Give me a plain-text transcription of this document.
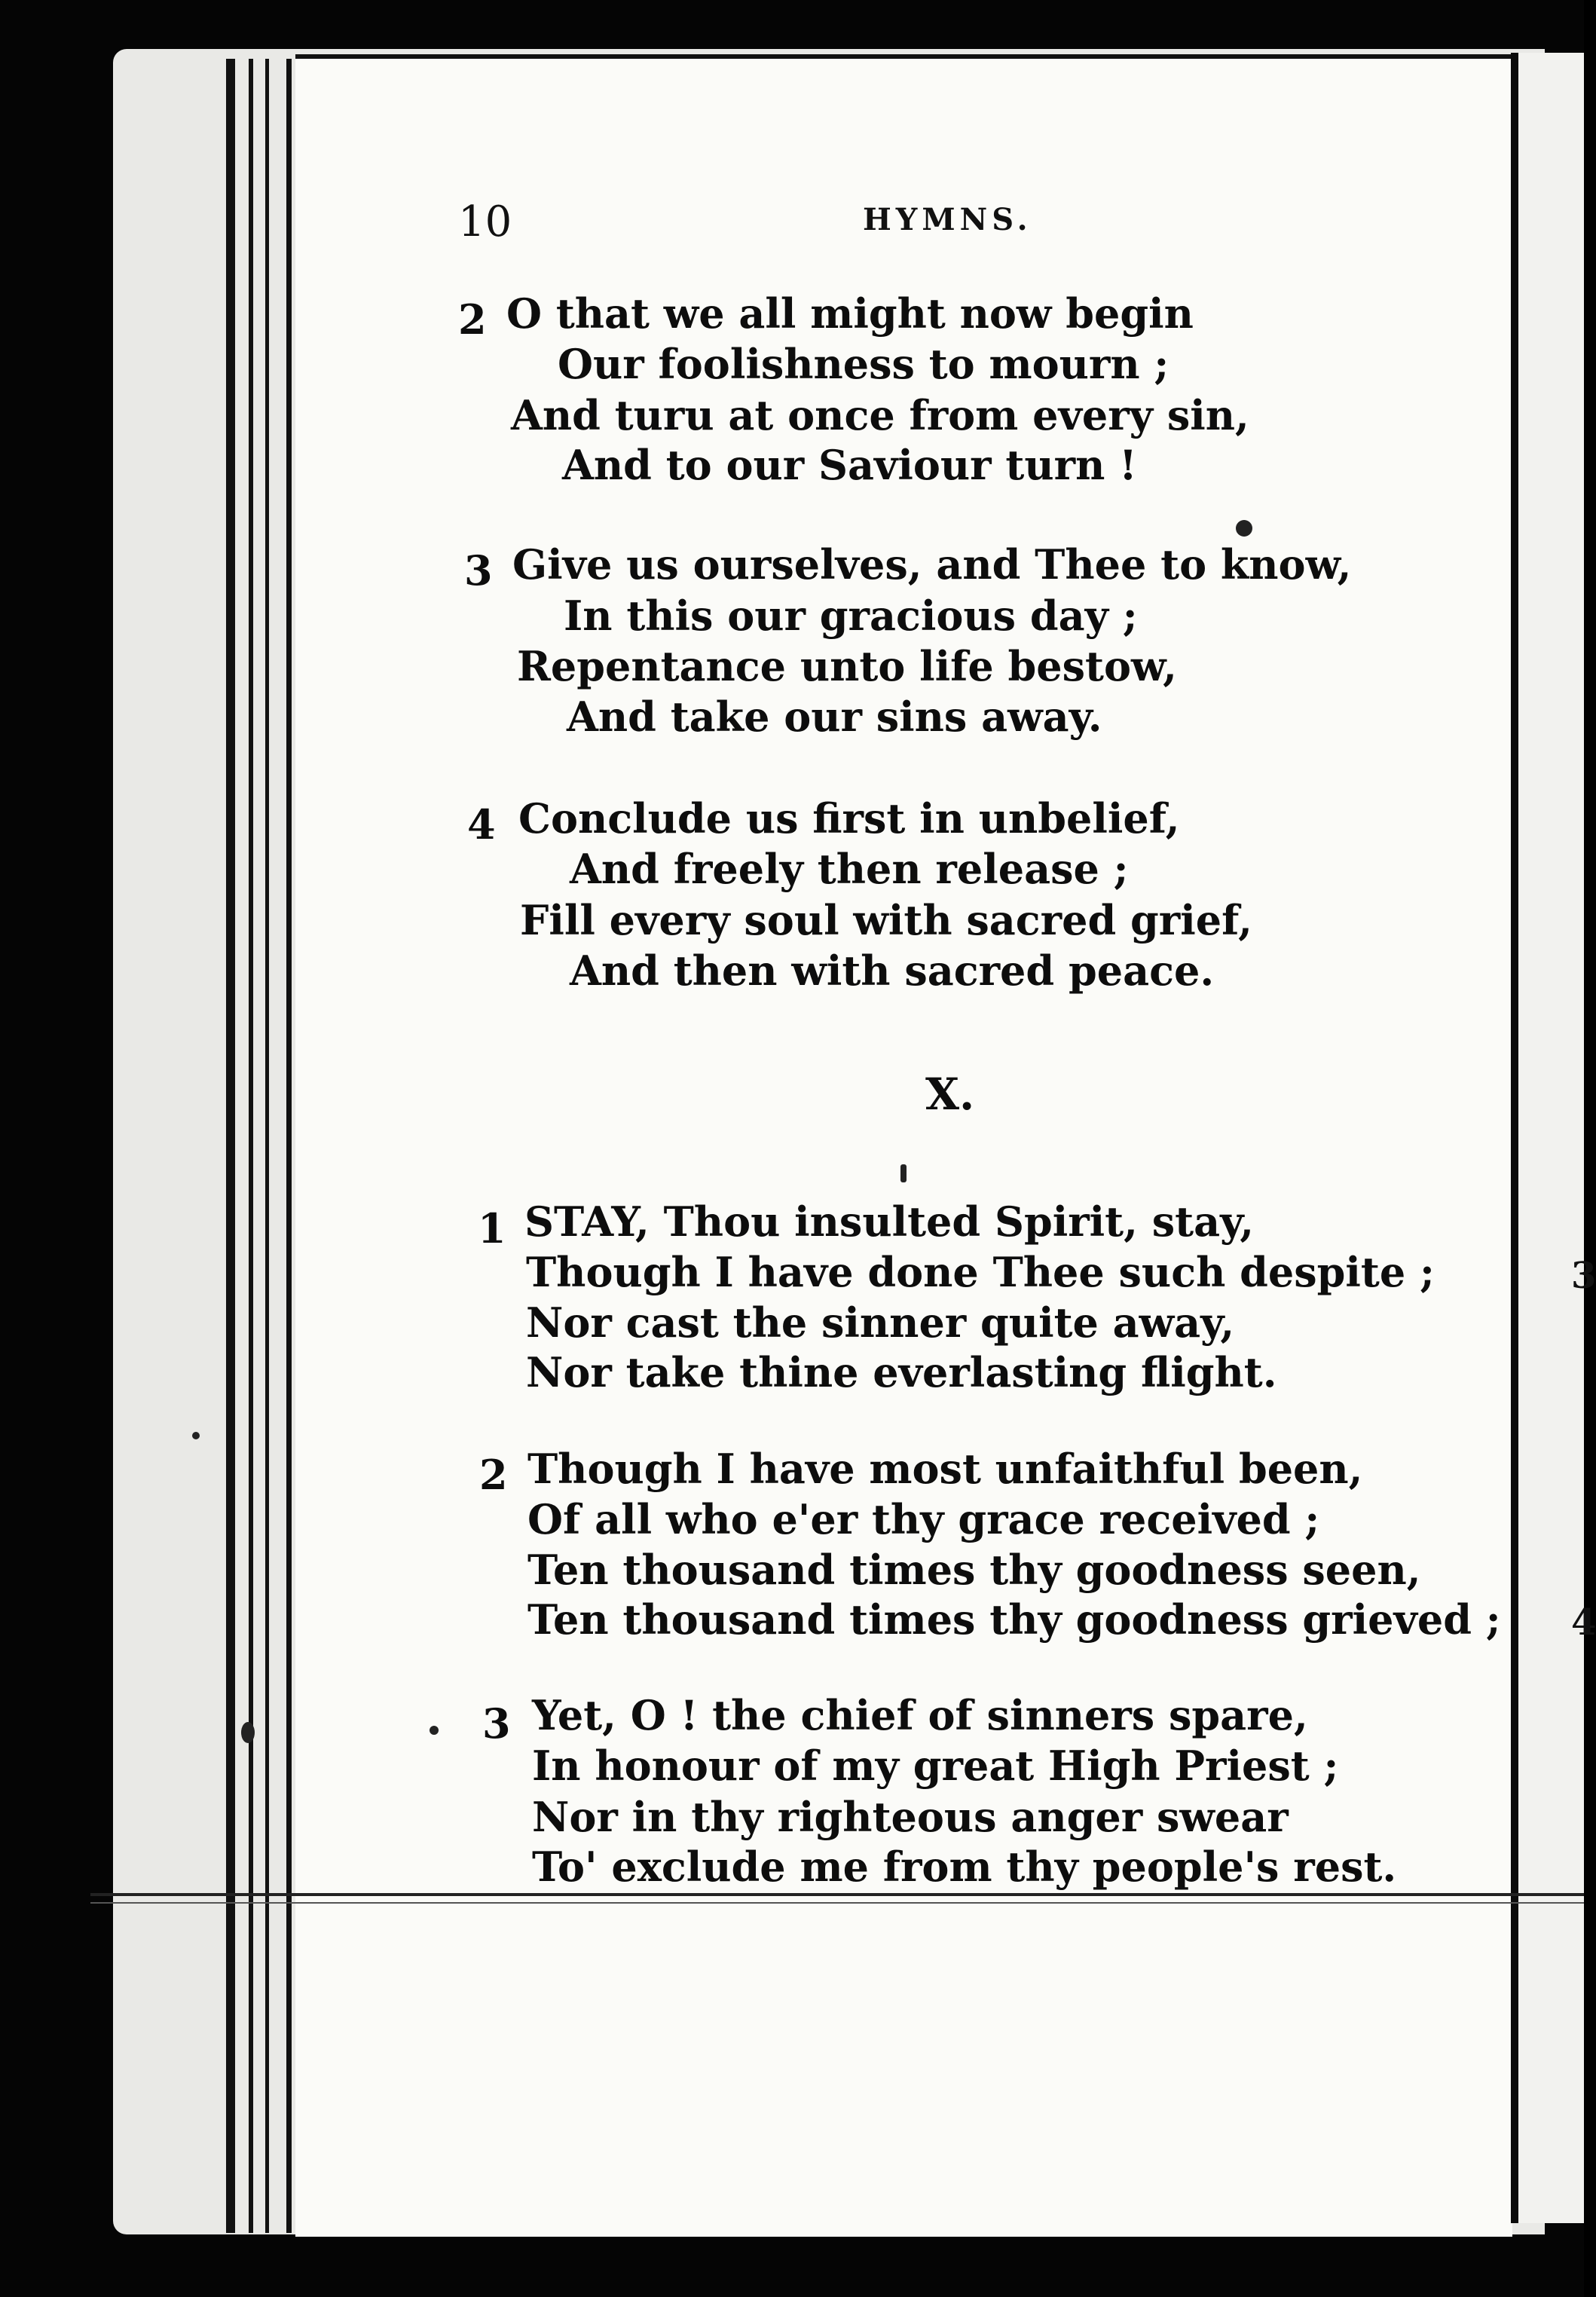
3
4
10	HYMNS.
2 O that we all might now begin
Our foolishness to mourn ;
And turu at once from every sin,
And to our Saviour turn !
3 Give us ourselves, and Thee to know,
In this our gracious day ;
Repentance unto life bestow,
And take our sins away.
4 Conclude us first in unbelief,
And freely then release ;
Fill every soul with sacred grief,
And then with sacred peace.
X.
1 STAY, Thou insulted Spirit, stay,
Though I have done Thee such despite ;
Nor cast the sinner quite away,
Nor take thine everlasting flight.
2 Though I have most unfaithful been,
Of all who e'er thy grace received ;
Ten thousand times thy goodness seen,
Ten thousand times thy goodness grieved ;
3 Yet, O ! the chief of sinners spare,
In honour of my great High Priest ;
Nor in thy righteous anger swear
To' exclude me from thy people's rest.
